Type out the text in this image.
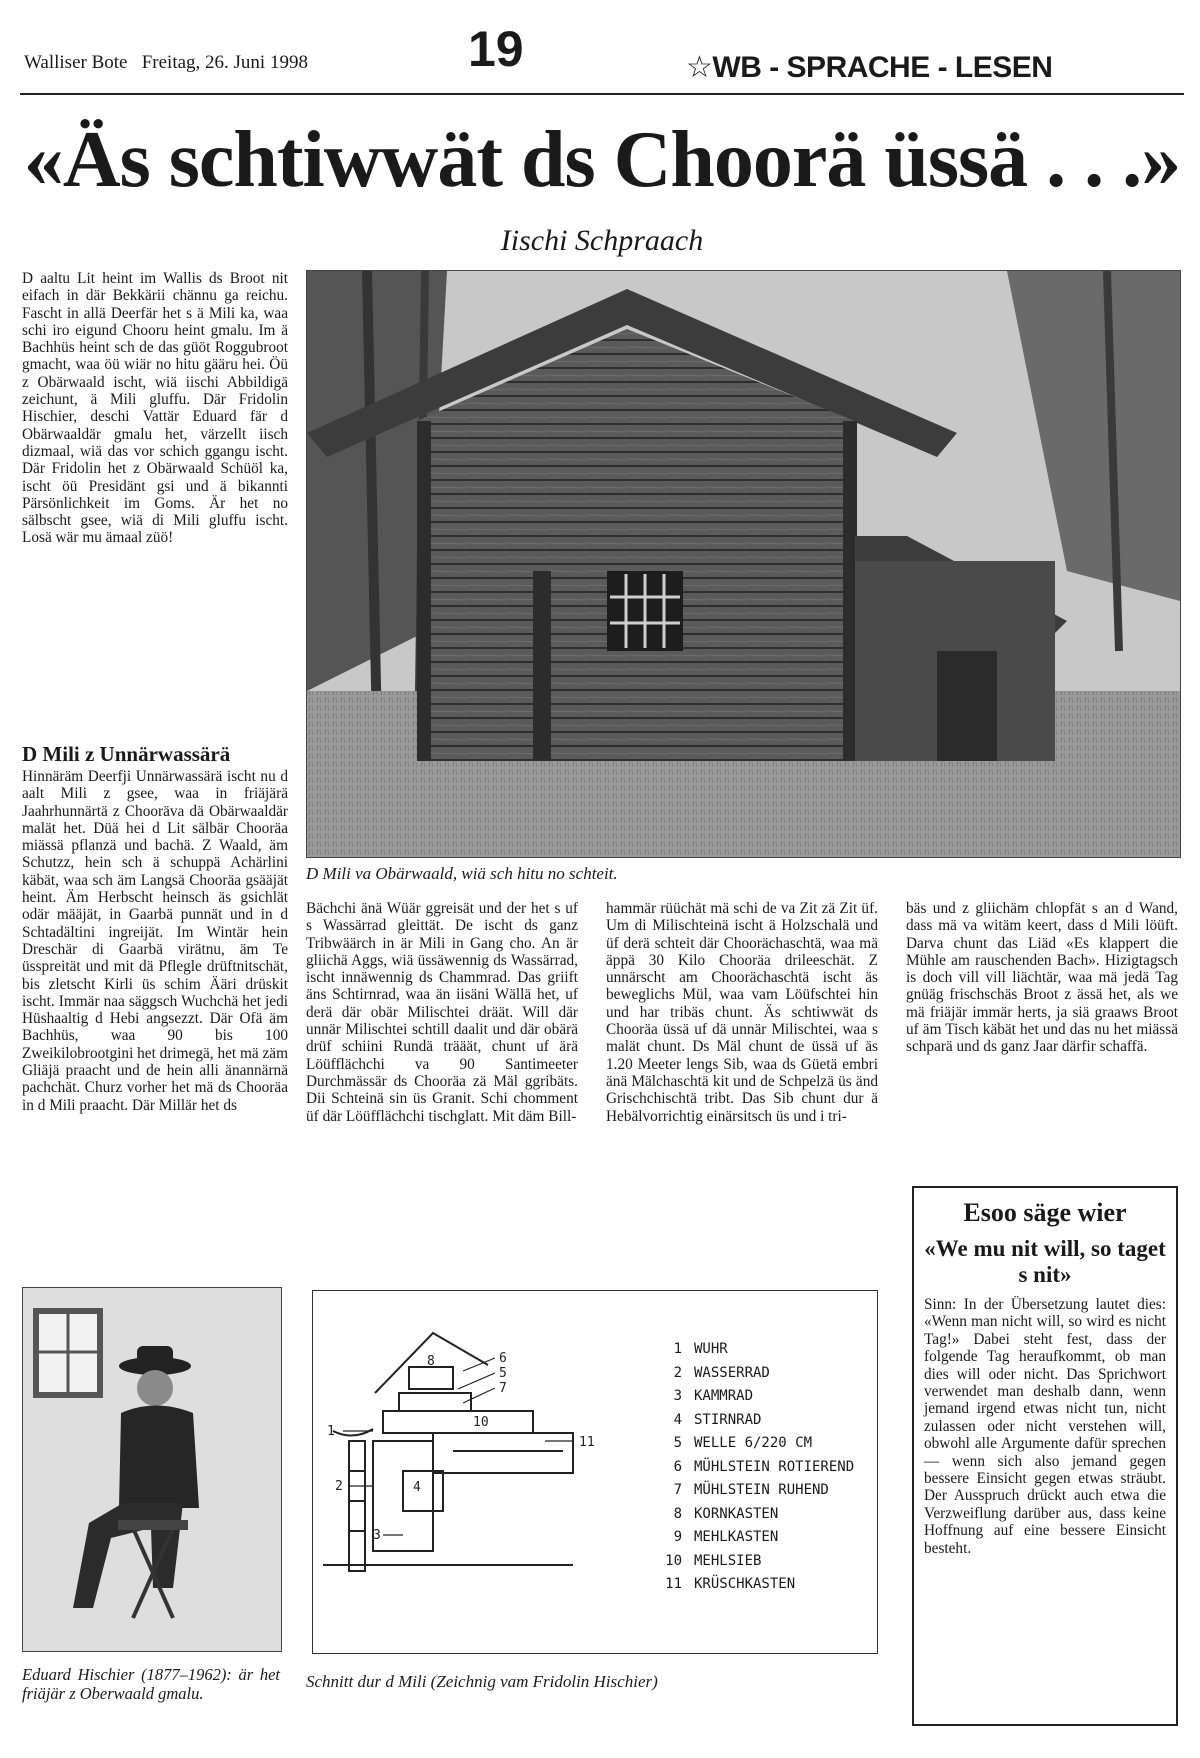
Walliser Bote   Freitag, 26. Juni 1998	19	☆WB - SPRACHE - LESEN
«Äs schtiwwät ds Choorä üssä . . .»
Iischi Schpraach
D aaltu Lit heint im Wallis ds Broot nit eifach in där Bekkärii chännu ga reichu. Fascht in allä Deerfär het s ä Mili ka, waa schi iro eigund Chooru heint gmalu. Im ä Bachhüs heint sch de das güöt Roggubroot gmacht, waa öü wiär no hitu gääru hei. Öü z Obärwaald ischt, wiä iischi Abbildigä zeichunt, ä Mili gluffu. Där Fridolin Hischier, deschi Vattär Eduard fär d Obärwaaldär gmalu het, värzellt iisch dizmaal, wiä das vor schich ggangu ischt. Där Fridolin het z Obärwaald Schüöl ka, ischt öü Presidänt gsi und ä bikannti Pärsönlichkeit im Goms. Är het no sälbscht gsee, wiä di Mili gluffu ischt. Losä wär mu ämaal züö!
D Mili z Unnärwassärä

Hinnäräm Deerfji Unnärwassärä ischt nu d aalt Mili z gsee, waa in friäjärä Jaahrhunnärtä z Chooräva dä Obärwaaldär malät het. Düä hei d Lit sälbär Chooräa miässä pflanzä und bachä. Z Waald, äm Schutzz, hein sch ä schuppä Achärlini käbät, waa sch äm Langsä Chooräa gsääjät heint. Äm Herbscht heinsch äs gsichlät odär määjät, in Gaarbä punnät und in d Schtadältini ingreijät. Im Wintär hein Dreschär di Gaarbä virätnu, äm Te üsspreität und mit dä Pflegle drüftnitschät, bis zletscht Kirli üs schim Ääri drüskit ischt. Immär naa säggsch Wuchchä het jedi Hüshaaltig d Hebi angsezzt. Där Ofä äm Bachhüs, waa 90 bis 100 Zweikilobrootgini het drimegä, het mä zäm Gliäjä praacht und de hein alli änannärnä pachchät. Churz vorher het mä ds Chooräa in d Mili praacht. Där Millär het ds

D Mili va Obärwaald, wiä sch hitu no schteit.
Bächchi änä Wüär ggreisät und der het s uf s Wassärrad gleittät. De ischt ds ganz Tribwäärch in är Mili in Gang cho. An är gliichä Aggs, wiä üssäwennig ds Wassärrad, ischt innäwennig ds Chammrad. Das griift äns Schtirnrad, waa än iisäni Wällä het, uf derä där obär Milischtei dräät. Will där unnär Milischtei schtill daalit und där obärä drüf schiini Rundä trääät, chunt uf ärä Löüfflächchi va 90 Santimeeter Durchmässär ds Chooräa zä Mäl ggribäts. Dii Schteinä sin üs Granit. Schi chomment üf där Löüfflächchi tischglatt. Mit däm Bill-
hammär rüüchät mä schi de va Zit zä Zit üf. Um di Milischteinä ischt ä Holzschalä und üf derä schteit där Choorächaschtä, waa mä äppä 30 Kilo Chooräa drileeschät. Z unnärscht am Choorächaschtä ischt äs beweglichs Mül, waa vam Löüfschtei hin und har tribäs chunt. Äs schtiwwät ds Chooräa üssä uf dä unnär Milischtei, waa s malät chunt. Ds Mäl chunt de üssä uf äs 1.20 Meeter lengs Sib, waa ds Güetä embri änä Mälchaschtä kit und de Schpelzä üs änd Grischchischtä tribt. Das Sib chunt dur ä Hebälvorrichtig einärsitsch üs und i tri-
bäs und z gliichäm chlopfät s an d Wand, dass mä va witäm keert, dass d Mili löüft. Darva chunt das Liäd «Es klappert die Mühle am rauschenden Bach». Hizigtagsch is doch vill vill liächtär, waa mä jedä Tag gnüäg frischschäs Broot z ässä het, als we mä friäjär immär herts, ja siä graaws Broot uf äm Tisch käbät het und das nu het miässä schparä und ds ganz Jaar därfir schaffä.
Eduard Hischier (1877–1962): är het friäjär z Oberwaald gmalu.
6
5
7
8
10
11
1
2
3
4
1 WUHR
2 WASSERRAD
3 KAMMRAD
4 STIRNRAD
5 WELLE 6/220 CM
6 MÜHLSTEIN ROTIEREND
7 MÜHLSTEIN RUHEND
8 KORNKASTEN
9 MEHLKASTEN
10 MEHLSIEB
11 KRÜSCHKASTEN
Schnitt dur d Mili (Zeichnig vam Fridolin Hischier)
Esoo säge wier
«We mu nit will, so taget s nit»
Sinn: In der Übersetzung lautet dies: «Wenn man nicht will, so wird es nicht Tag!» Dabei steht fest, dass der folgende Tag heraufkommt, ob man dies will oder nicht. Das Sprichwort verwendet man deshalb dann, wenn jemand irgend etwas nicht tun, nicht zulassen oder nicht verstehen will, obwohl alle Argumente dafür sprechen — wenn sich also jemand gegen bessere Einsicht gegen etwas sträubt. Der Ausspruch drückt auch etwa die Verzweiflung darüber aus, dass keine Hoffnung auf eine bessere Einsicht besteht.
